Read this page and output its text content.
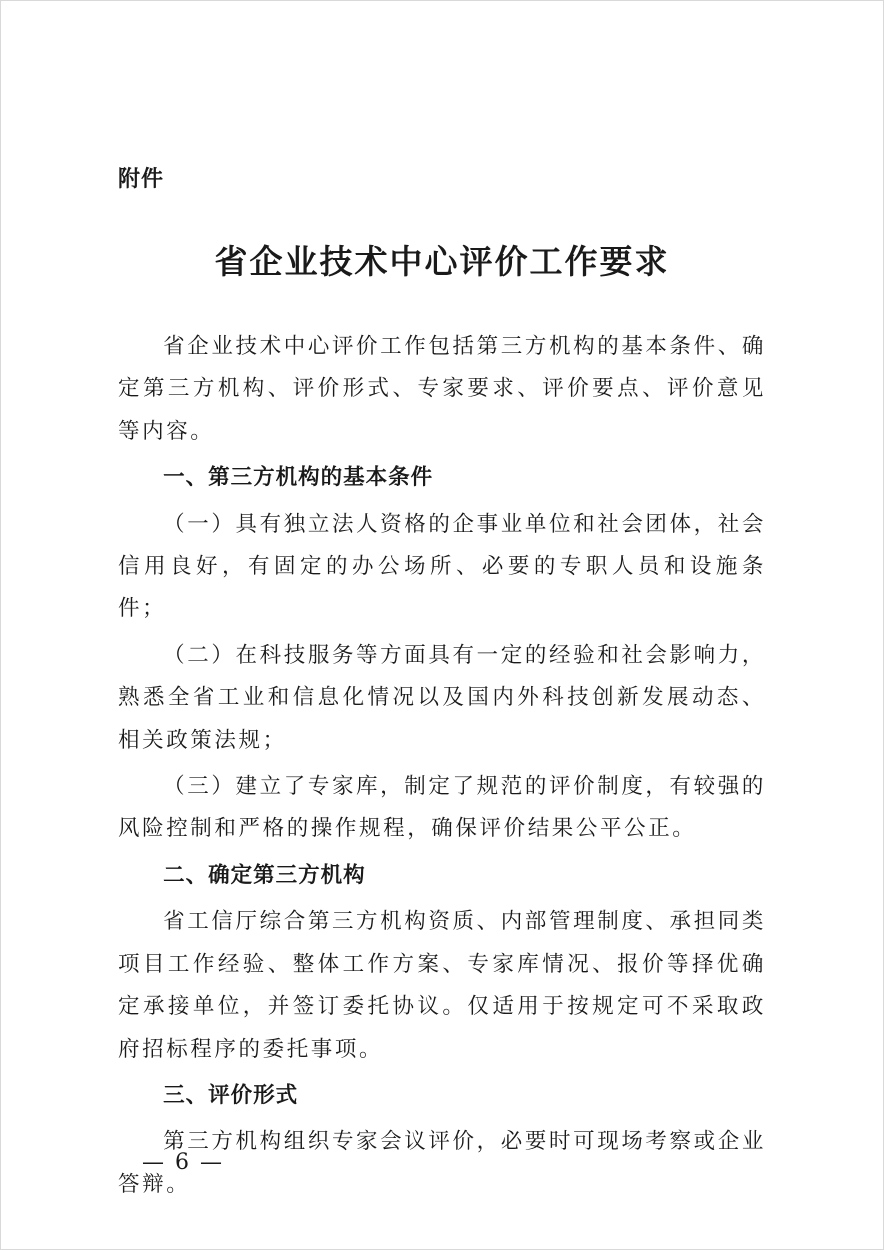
附件

省企业技术中心评价工作要求

省企业技术中心评价工作包括第三方机构的基本条件、确定第三方机构、评价形式、专家要求、评价要点、评价意见等内容。

一、第三方机构的基本条件

（一）具有独立法人资格的企事业单位和社会团体，社会信用良好，有固定的办公场所、必要的专职人员和设施条件；

（二）在科技服务等方面具有一定的经验和社会影响力，熟悉全省工业和信息化情况以及国内外科技创新发展动态、相关政策法规；

（三）建立了专家库，制定了规范的评价制度，有较强的风险控制和严格的操作规程，确保评价结果公平公正。

二、确定第三方机构

省工信厅综合第三方机构资质、内部管理制度、承担同类项目工作经验、整体工作方案、专家库情况、报价等择优确定承接单位，并签订委托协议。仅适用于按规定可不采取政府招标程序的委托事项。

三、评价形式

第三方机构组织专家会议评价，必要时可现场考察或企业答辩。

— 6 —
